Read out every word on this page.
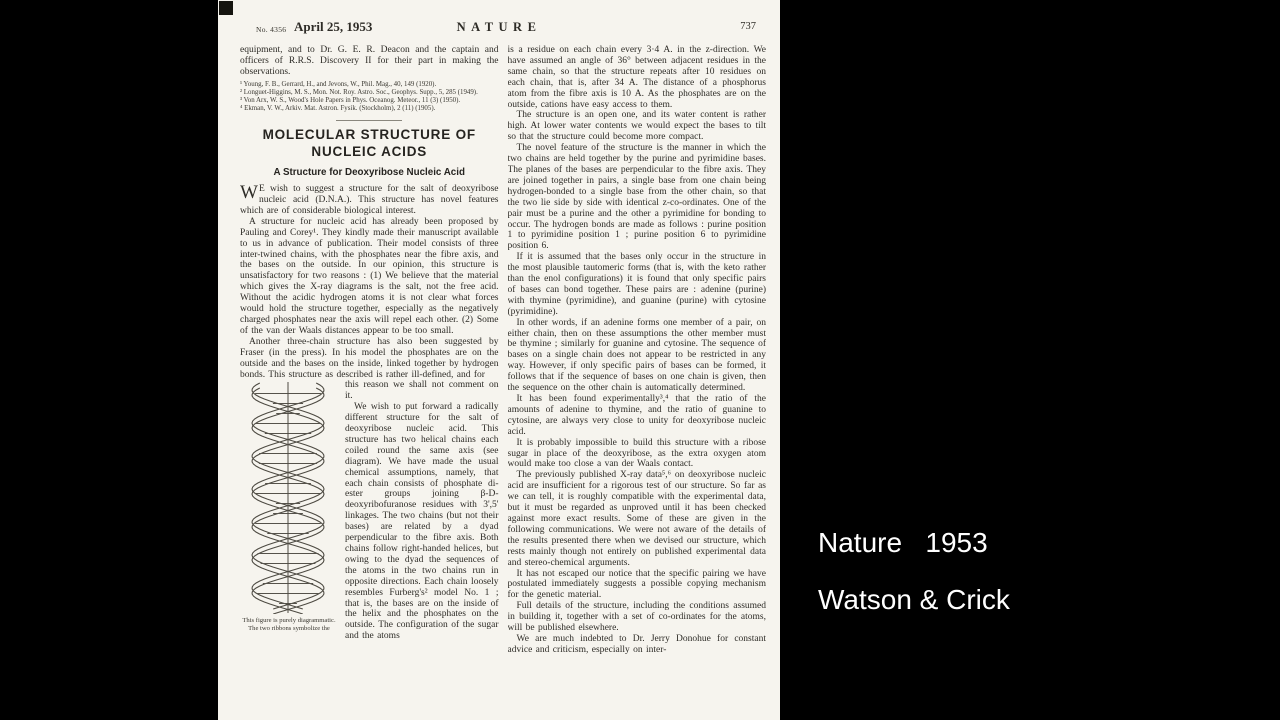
No. 4356 April 25, 1953	NATURE	737

equipment, and to Dr. G. E. R. Deacon and the captain and officers of R.R.S. Discovery II for their part in making the observations.

¹ Young, F. B., Gerrard, H., and Jevons, W., Phil. Mag., 40, 149 (1920).

² Longuet-Higgins, M. S., Mon. Not. Roy. Astro. Soc., Geophys. Supp., 5, 285 (1949).

³ Von Arx, W. S., Wood's Hole Papers in Phys. Oceanog. Meteor., 11 (3) (1950).

⁴ Ekman, V. W., Arkiv. Mat. Astron. Fysik. (Stockholm), 2 (11) (1905).

MOLECULAR STRUCTURE OF NUCLEIC ACIDS
A Structure for Deoxyribose Nucleic Acid

WE wish to suggest a structure for the salt of deoxyribose nucleic acid (D.N.A.). This structure has novel features which are of considerable biological interest.

A structure for nucleic acid has already been proposed by Pauling and Corey¹. They kindly made their manuscript available to us in advance of publication. Their model consists of three inter-twined chains, with the phosphates near the fibre axis, and the bases on the outside. In our opinion, this structure is unsatisfactory for two reasons : (1) We believe that the material which gives the X-ray diagrams is the salt, not the free acid. Without the acidic hydrogen atoms it is not clear what forces would hold the structure together, especially as the negatively charged phosphates near the axis will repel each other. (2) Some of the van der Waals distances appear to be too small.

Another three-chain structure has also been suggested by Fraser (in the press). In his model the phosphates are on the outside and the bases on the inside, linked together by hydrogen bonds. This structure as described is rather ill-defined, and for

This figure is purely diagrammatic. The two ribbons symbolize the

this reason we shall not comment on it.

We wish to put forward a radically different structure for the salt of deoxyribose nucleic acid. This structure has two helical chains each coiled round the same axis (see diagram). We have made the usual chemical assumptions, namely, that each chain consists of phosphate di-ester groups joining β-D-deoxyribofuranose residues with 3',5' linkages. The two chains (but not their bases) are related by a dyad perpendicular to the fibre axis. Both chains follow right-handed helices, but owing to the dyad the sequences of the atoms in the two chains run in opposite directions. Each chain loosely resembles Furberg's² model No. 1 ; that is, the bases are on the inside of the helix and the phosphates on the outside. The configuration of the sugar and the atoms

is a residue on each chain every 3·4 A. in the z-direction. We have assumed an angle of 36° between adjacent residues in the same chain, so that the structure repeats after 10 residues on each chain, that is, after 34 A. The distance of a phosphorus atom from the fibre axis is 10 A. As the phosphates are on the outside, cations have easy access to them.

The structure is an open one, and its water content is rather high. At lower water contents we would expect the bases to tilt so that the structure could become more compact.

The novel feature of the structure is the manner in which the two chains are held together by the purine and pyrimidine bases. The planes of the bases are perpendicular to the fibre axis. They are joined together in pairs, a single base from one chain being hydrogen-bonded to a single base from the other chain, so that the two lie side by side with identical z-co-ordinates. One of the pair must be a purine and the other a pyrimidine for bonding to occur. The hydrogen bonds are made as follows : purine position 1 to pyrimidine position 1 ; purine position 6 to pyrimidine position 6.

If it is assumed that the bases only occur in the structure in the most plausible tautomeric forms (that is, with the keto rather than the enol configurations) it is found that only specific pairs of bases can bond together. These pairs are : adenine (purine) with thymine (pyrimidine), and guanine (purine) with cytosine (pyrimidine).

In other words, if an adenine forms one member of a pair, on either chain, then on these assumptions the other member must be thymine ; similarly for guanine and cytosine. The sequence of bases on a single chain does not appear to be restricted in any way. However, if only specific pairs of bases can be formed, it follows that if the sequence of bases on one chain is given, then the sequence on the other chain is automatically determined.

It has been found experimentally³,⁴ that the ratio of the amounts of adenine to thymine, and the ratio of guanine to cytosine, are always very close to unity for deoxyribose nucleic acid.

It is probably impossible to build this structure with a ribose sugar in place of the deoxyribose, as the extra oxygen atom would make too close a van der Waals contact.

The previously published X-ray data⁵,⁶ on deoxyribose nucleic acid are insufficient for a rigorous test of our structure. So far as we can tell, it is roughly compatible with the experimental data, but it must be regarded as unproved until it has been checked against more exact results. Some of these are given in the following communications. We were not aware of the details of the results presented there when we devised our structure, which rests mainly though not entirely on published experimental data and stereo-chemical arguments.

It has not escaped our notice that the specific pairing we have postulated immediately suggests a possible copying mechanism for the genetic material.

Full details of the structure, including the conditions assumed in building it, together with a set of co-ordinates for the atoms, will be published elsewhere.

We are much indebted to Dr. Jerry Donohue for constant advice and criticism, especially on inter-

Nature   1953
Watson & Crick
